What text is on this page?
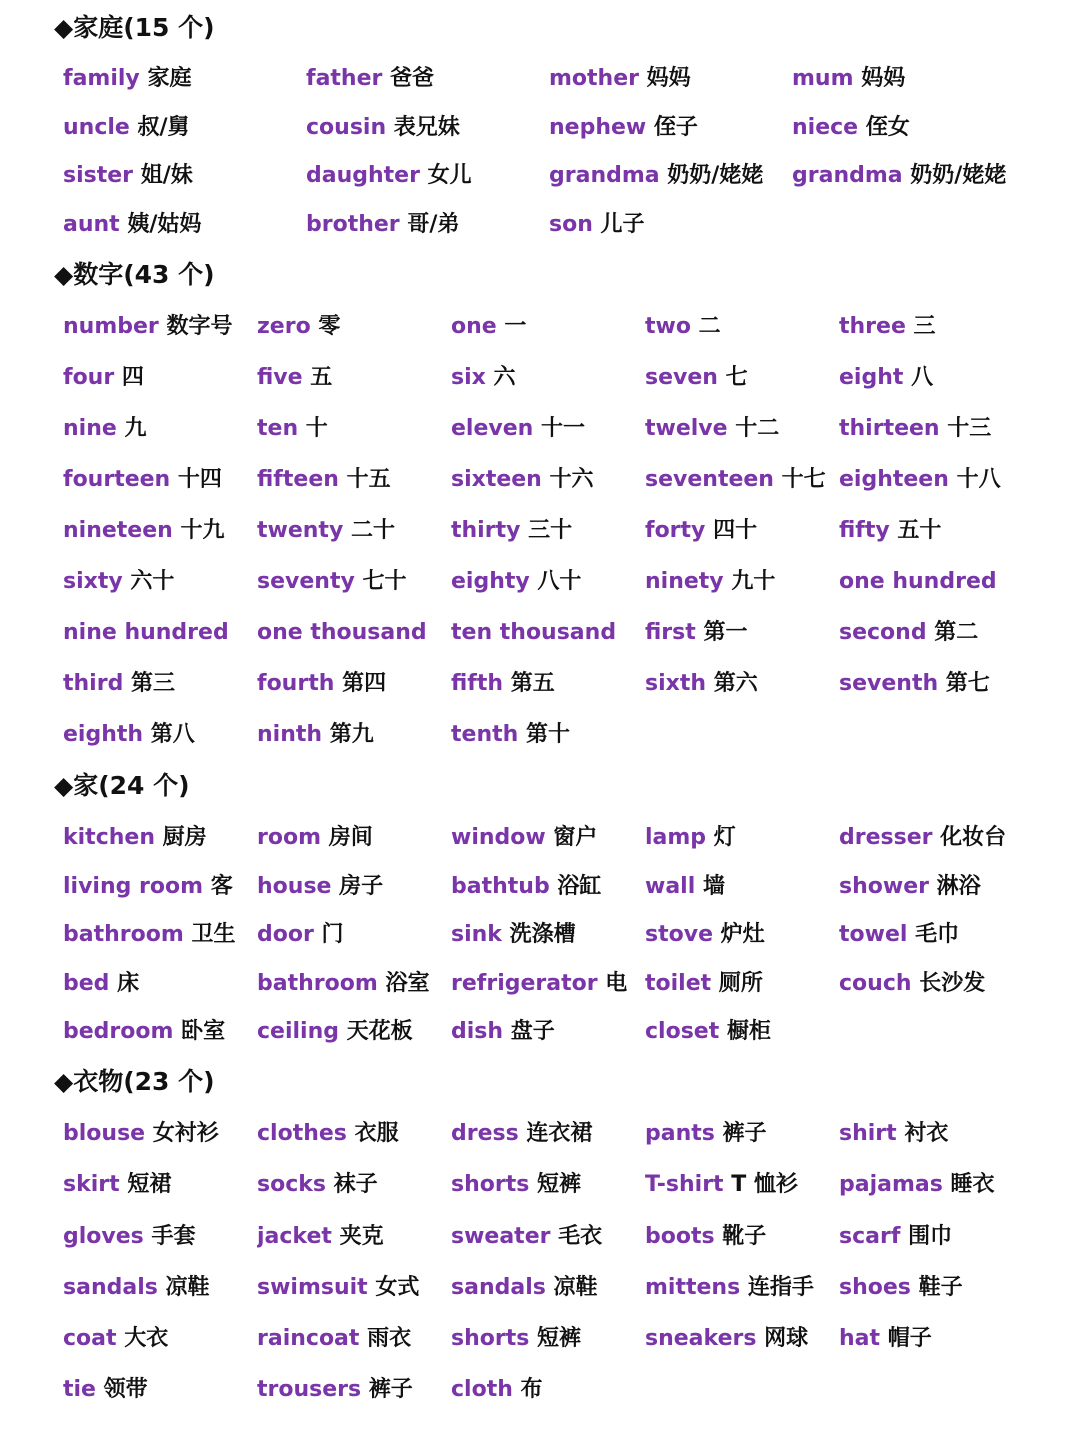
◆家庭(15 个)
family 家庭	father 爸爸	mother 妈妈	mum 妈妈
uncle 叔/舅	cousin 表兄妹	nephew 侄子	niece 侄女
sister 姐/妹	daughter 女儿	grandma 奶奶/姥姥	grandma 奶奶/姥姥
aunt 姨/姑妈	brother 哥/弟	son 儿子
◆数字(43 个)
number 数字号	zero 零	one 一	two 二	three 三
four 四	five 五	six 六	seven 七	eight 八
nine 九	ten 十	eleven 十一	twelve 十二	thirteen 十三
fourteen 十四	fifteen 十五	sixteen 十六	seventeen 十七 eighteen 十八
nineteen 十九	twenty 二十	thirty 三十	forty 四十	fifty 五十
sixty 六十	seventy 七十	eighty 八十	ninety 九十	one hundred
nine hundred	one thousand	ten thousand	first 第一	second 第二
third 第三	fourth 第四	fifth 第五	sixth 第六	seventh 第七
eighth 第八	ninth 第九	tenth 第十
◆家(24 个)
kitchen 厨房	room 房间	window 窗户	lamp 灯	dresser 化妆台
living room 客	house 房子	bathtub 浴缸	wall 墙	shower 淋浴
bathroom 卫生 door 门	sink 洗涤槽	stove 炉灶	towel 毛巾
bed 床	bathroom 浴室 refrigerator 电 toilet 厕所	couch 长沙发
bedroom 卧室	ceiling 天花板	dish 盘子	closet 橱柜
◆衣物(23 个)
blouse 女衬衫	clothes 衣服	dress 连衣裙	pants 裤子	shirt 衬衣
skirt 短裙	socks 袜子	shorts 短裤	T-shirt T 恤衫	pajamas 睡衣
gloves 手套	jacket 夹克	sweater 毛衣	boots 靴子	scarf 围巾
sandals 凉鞋	swimsuit 女式	sandals 凉鞋	mittens 连指手	shoes 鞋子
coat 大衣	raincoat 雨衣	shorts 短裤	sneakers 网球	hat 帽子
tie 领带	trousers 裤子	cloth 布
